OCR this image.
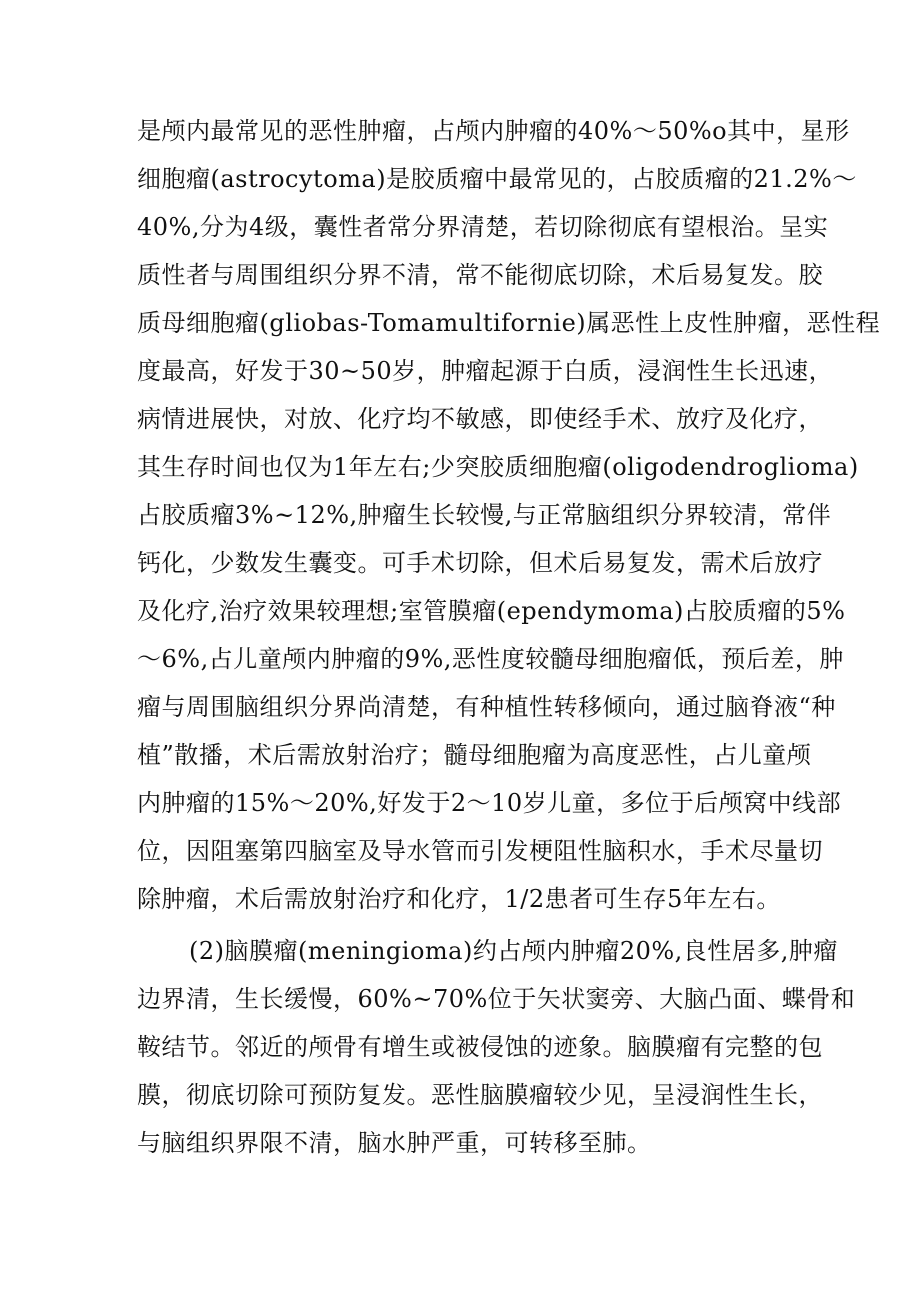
是颅内最常见的恶性肿瘤，占颅内肿瘤的40%～50%o其中，星形
细胞瘤(astrocytoma)是胶质瘤中最常见的，占胶质瘤的21.2%～
40%,分为4级，囊性者常分界清楚，若切除彻底有望根治。呈实
质性者与周围组织分界不清，常不能彻底切除，术后易复发。胶
质母细胞瘤(gliobas-Tomamultifornie)属恶性上皮性肿瘤，恶性程
度最高，好发于30~50岁，肿瘤起源于白质，浸润性生长迅速，
病情进展快，对放、化疗均不敏感，即使经手术、放疗及化疗，
其生存时间也仅为1年左右;少突胶质细胞瘤(oligodendroglioma)
占胶质瘤3%~12%,肿瘤生长较慢,与正常脑组织分界较清，常伴
钙化，少数发生囊变。可手术切除，但术后易复发，需术后放疗
及化疗,治疗效果较理想;室管膜瘤(ependymoma)占胶质瘤的5%
～6%,占儿童颅内肿瘤的9%,恶性度较髓母细胞瘤低，预后差，肿
瘤与周围脑组织分界尚清楚，有种植性转移倾向，通过脑脊液“种
植”散播，术后需放射治疗；髓母细胞瘤为高度恶性，占儿童颅
内肿瘤的15%～20%,好发于2～10岁儿童，多位于后颅窝中线部
位，因阻塞第四脑室及导水管而引发梗阻性脑积水，手术尽量切
除肿瘤，术后需放射治疗和化疗，1/2患者可生存5年左右。
(2)脑膜瘤(meningioma)约占颅内肿瘤20%,良性居多,肿瘤
边界清，生长缓慢，60%~70%位于矢状窦旁、大脑凸面、蝶骨和
鞍结节。邻近的颅骨有增生或被侵蚀的迹象。脑膜瘤有完整的包
膜，彻底切除可预防复发。恶性脑膜瘤较少见，呈浸润性生长，
与脑组织界限不清，脑水肿严重，可转移至肺。
